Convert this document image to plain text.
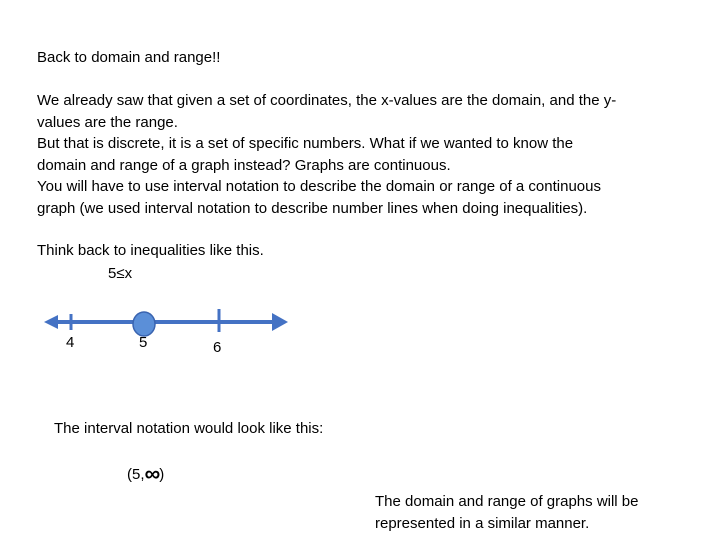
Back to domain and range!!
We already saw that given a set of coordinates, the x-values are the domain, and the y-
values are the range.
But that is discrete, it is a set of specific numbers. What if we wanted to know the
domain and range of a graph instead? Graphs are continuous.
You will have to use interval notation to describe the domain or range of a continuous
graph (we used interval notation to describe number lines when doing inequalities).
Think back to inequalities like this.
5≤x
4	5	6
The interval notation would look like this:
(5,∞)
The domain and range of graphs will be
represented in a similar manner.
